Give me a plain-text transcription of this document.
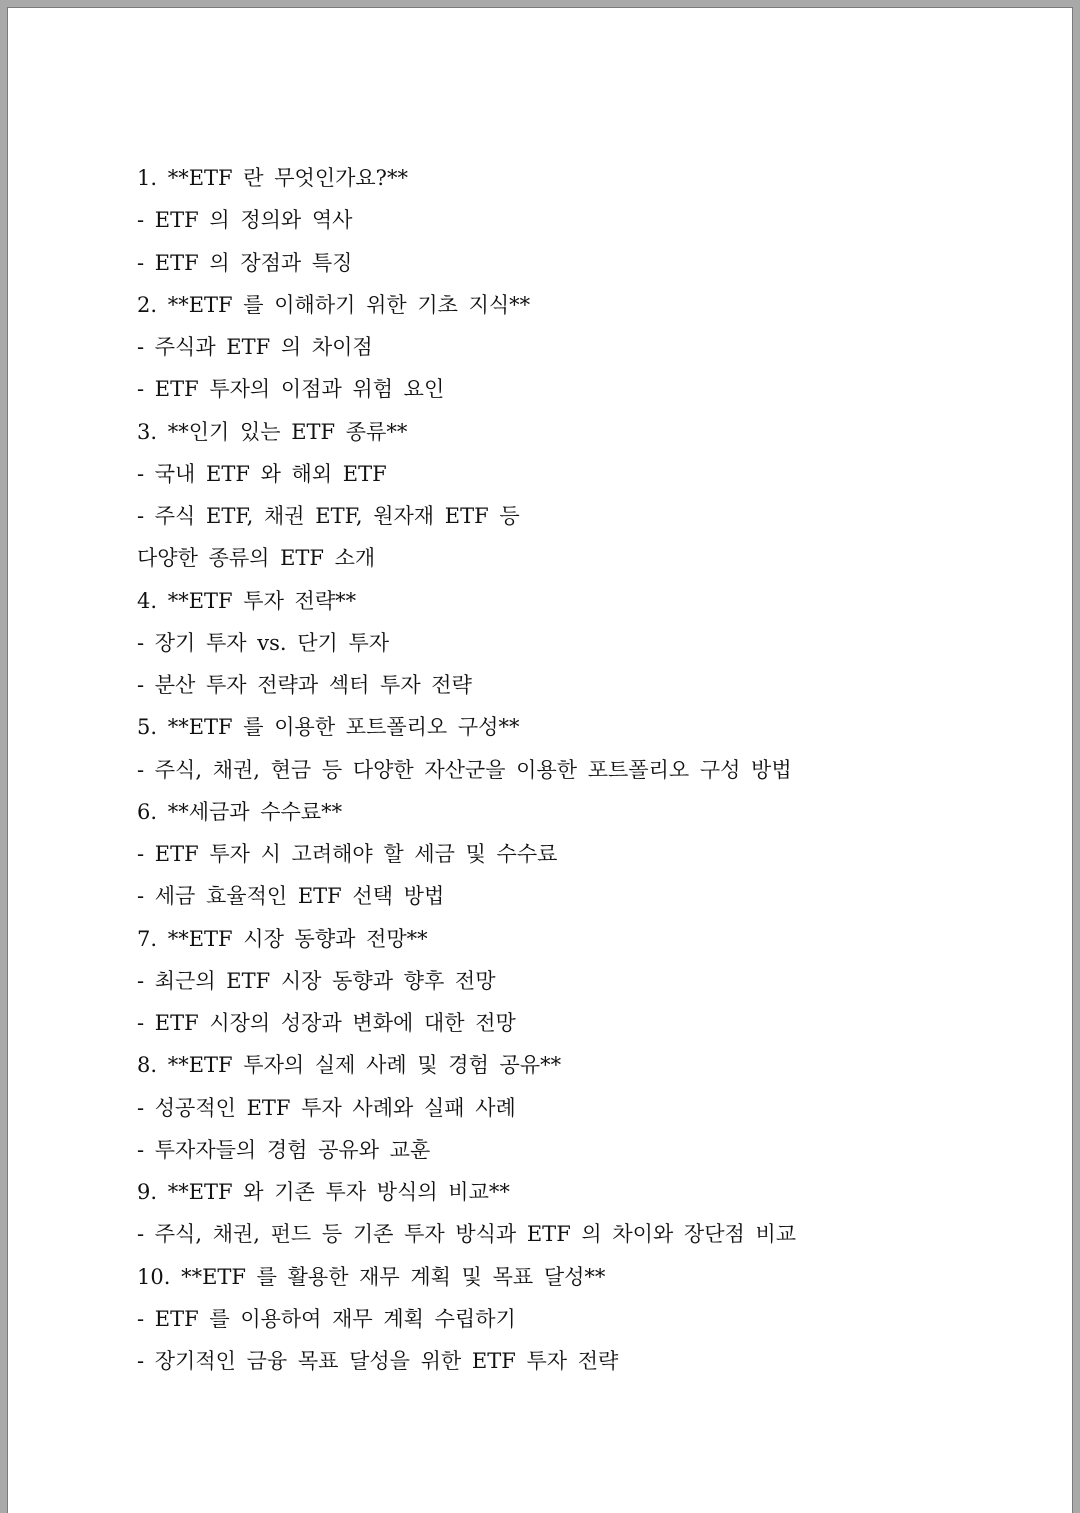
1. **ETF 란 무엇인가요?**
- ETF 의 정의와 역사
- ETF 의 장점과 특징
2. **ETF 를 이해하기 위한 기초 지식**
- 주식과 ETF 의 차이점
- ETF 투자의 이점과 위험 요인
3. **인기 있는 ETF 종류**
- 국내 ETF 와 해외 ETF
- 주식 ETF, 채권 ETF, 원자재 ETF 등
다양한 종류의 ETF 소개
4. **ETF 투자 전략**
- 장기 투자 vs. 단기 투자
- 분산 투자 전략과 섹터 투자 전략
5. **ETF 를 이용한 포트폴리오 구성**
- 주식, 채권, 현금 등 다양한 자산군을 이용한 포트폴리오 구성 방법
6. **세금과 수수료**
- ETF 투자 시 고려해야 할 세금 및 수수료
- 세금 효율적인 ETF 선택 방법
7. **ETF 시장 동향과 전망**
- 최근의 ETF 시장 동향과 향후 전망
- ETF 시장의 성장과 변화에 대한 전망
8. **ETF 투자의 실제 사례 및 경험 공유**
- 성공적인 ETF 투자 사례와 실패 사례
- 투자자들의 경험 공유와 교훈
9. **ETF 와 기존 투자 방식의 비교**
- 주식, 채권, 펀드 등 기존 투자 방식과 ETF 의 차이와 장단점 비교
10. **ETF 를 활용한 재무 계획 및 목표 달성**
- ETF 를 이용하여 재무 계획 수립하기
- 장기적인 금융 목표 달성을 위한 ETF 투자 전략
